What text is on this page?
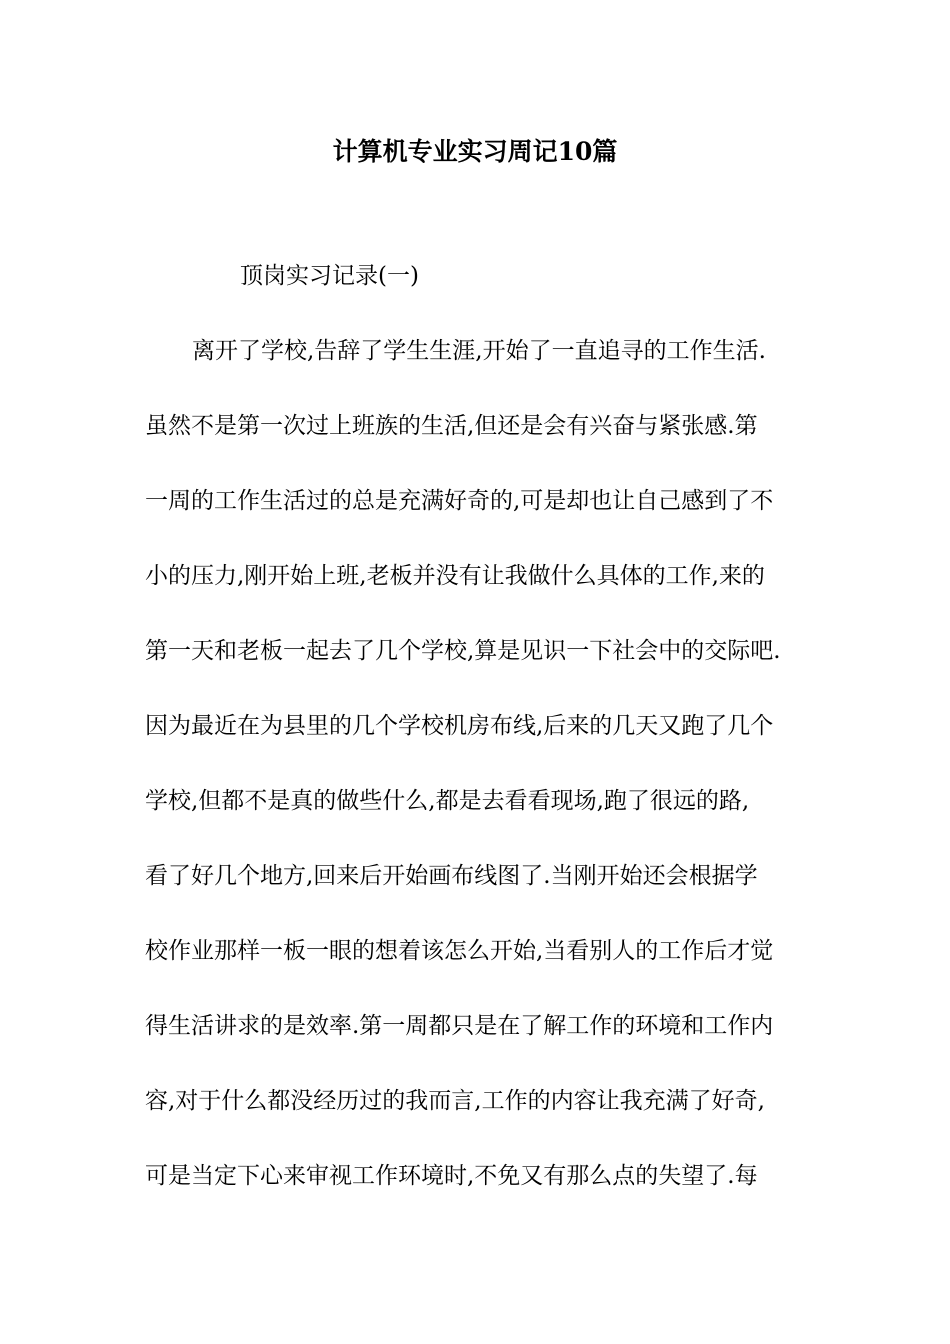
计算机专业实习周记10篇

顶岗实习记录(一)

离开了学校,告辞了学生生涯,开始了一直追寻的工作生活.
虽然不是第一次过上班族的生活,但还是会有兴奋与紧张感.第
一周的工作生活过的总是充满好奇的,可是却也让自己感到了不
小的压力,刚开始上班,老板并没有让我做什么具体的工作,来的
第一天和老板一起去了几个学校,算是见识一下社会中的交际吧.
因为最近在为县里的几个学校机房布线,后来的几天又跑了几个
学校,但都不是真的做些什么,都是去看看现场,跑了很远的路,
看了好几个地方,回来后开始画布线图了.当刚开始还会根据学
校作业那样一板一眼的想着该怎么开始,当看别人的工作后才觉
得生活讲求的是效率.第一周都只是在了解工作的环境和工作内
容,对于什么都没经历过的我而言,工作的内容让我充满了好奇,
可是当定下心来审视工作环境时,不免又有那么点的失望了.每
